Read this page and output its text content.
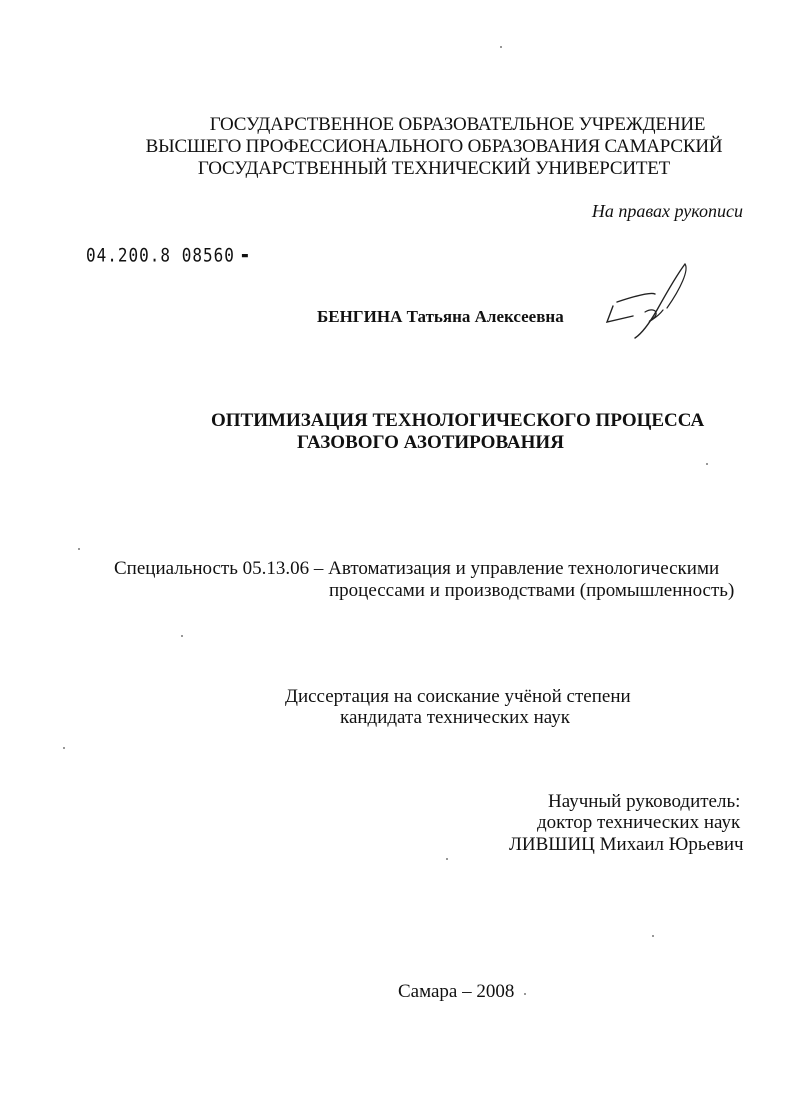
ГОСУДАРСТВЕННОЕ ОБРАЗОВАТЕЛЬНОЕ УЧРЕЖДЕНИЕ
ВЫСШЕГО ПРОФЕССИОНАЛЬНОГО ОБРАЗОВАНИЯ САМАРСКИЙ
ГОСУДАРСТВЕННЫЙ ТЕХНИЧЕСКИЙ УНИВЕРСИТЕТ
На правах рукописи
04.200.8 08560 ▬
БЕНГИНА Татьяна Алексеевна
ОПТИМИЗАЦИЯ ТЕХНОЛОГИЧЕСКОГО ПРОЦЕССА
ГАЗОВОГО АЗОТИРОВАНИЯ
Специальность 05.13.06 – Автоматизация и управление технологическими
процессами и производствами (промышленность)
Диссертация на соискание учёной степени
кандидата технических наук
Научный руководитель:
доктор технических наук
ЛИВШИЦ Михаил Юрьевич
Самара – 2008
